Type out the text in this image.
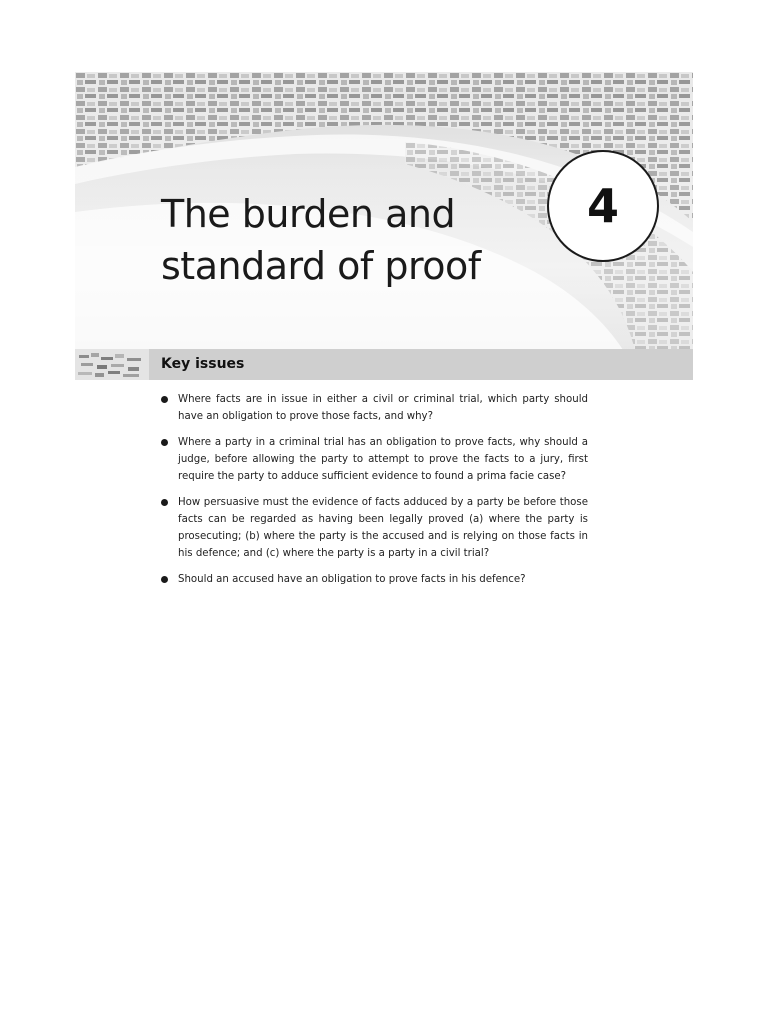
The burden and
standard of proof
4
Key issues
Where facts are in issue in either a civil or criminal trial, which party should have an obligation to prove those facts, and why?
Where a party in a criminal trial has an obligation to prove facts, why should a judge, before allowing the party to attempt to prove the facts to a jury, first require the party to adduce sufficient evidence to found a prima facie case?
How persuasive must the evidence of facts adduced by a party be before those facts can be regarded as having been legally proved (a) where the party is prosecuting; (b) where the party is the accused and is relying on those facts in his defence; and (c) where the party is a party in a civil trial?
Should an accused have an obligation to prove facts in his defence?
